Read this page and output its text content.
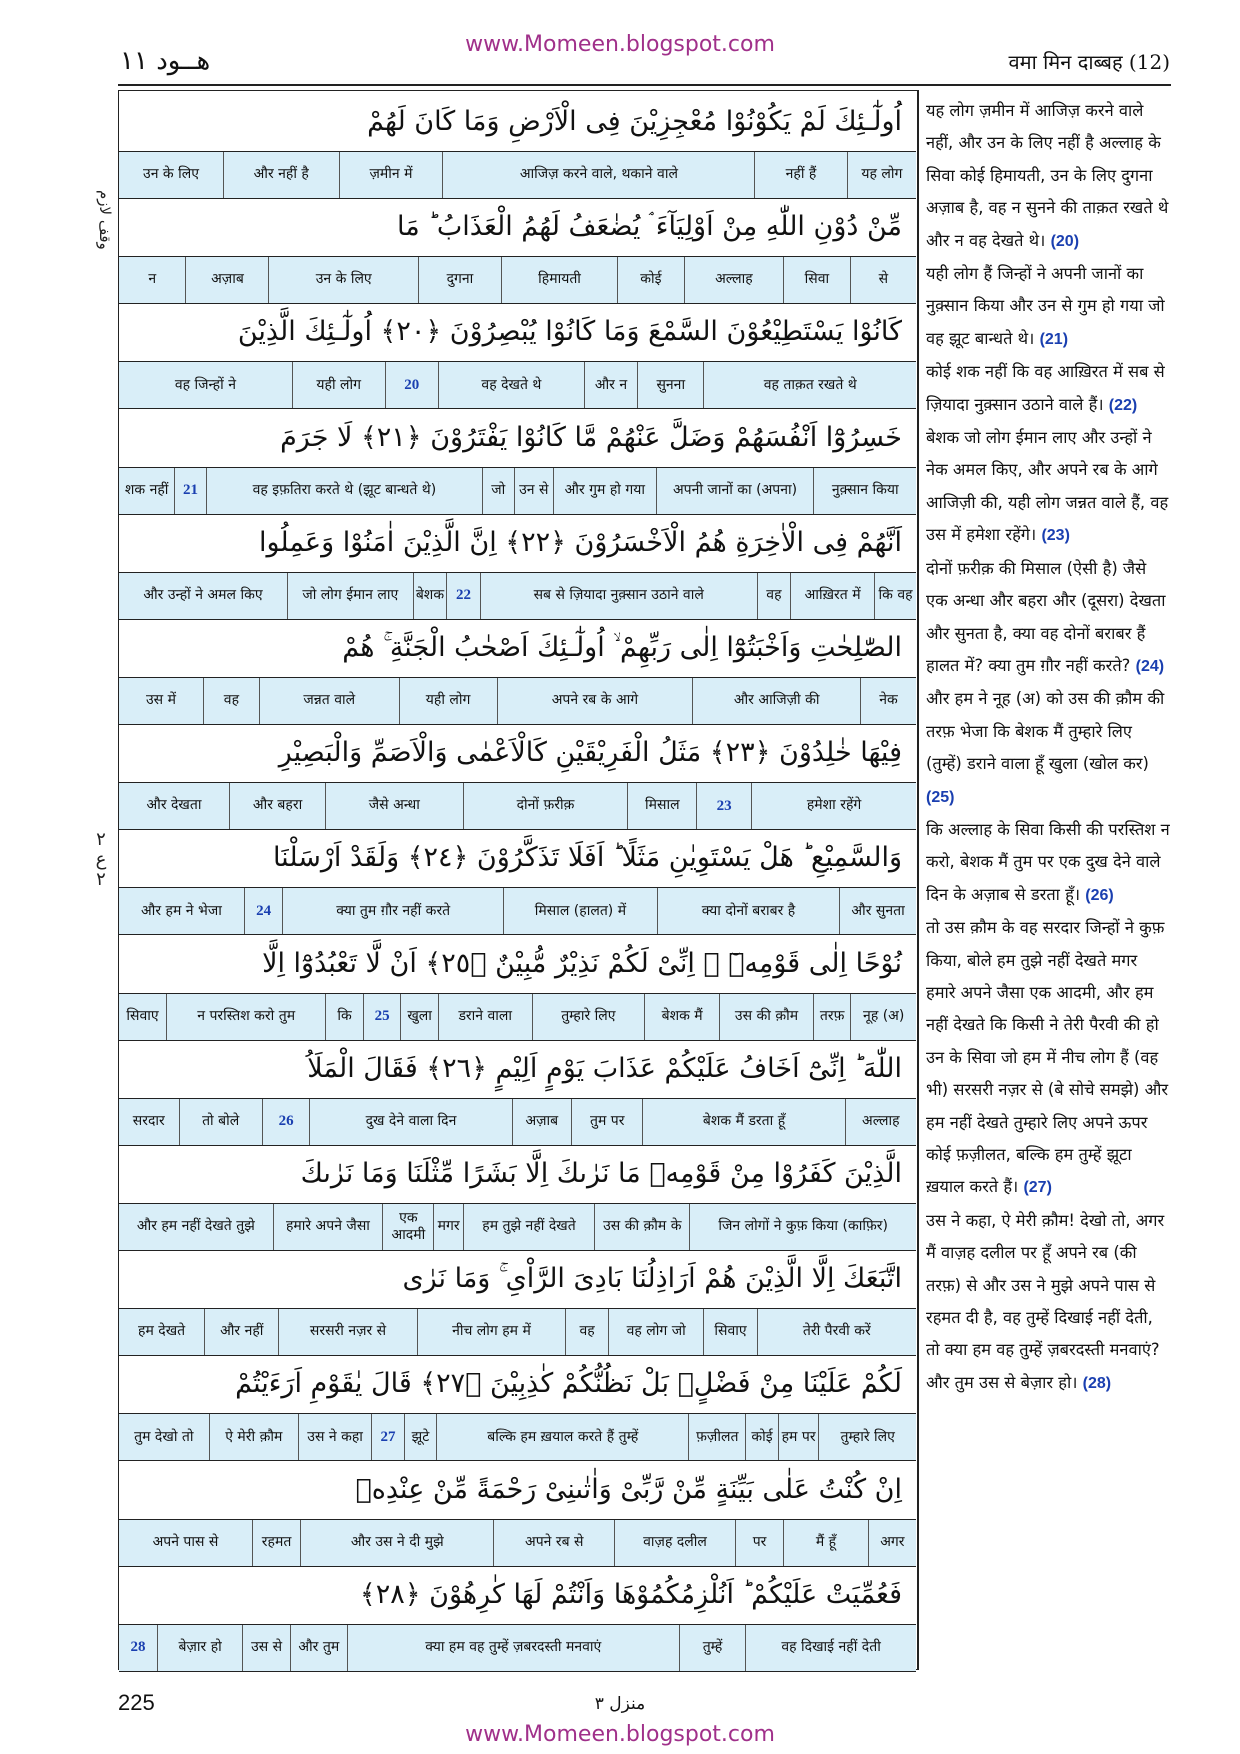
www.Momeen.blogspot.com
هــود ١١	वमा मिन दाब्बह (12)
وقف لازم
٢ ع ٢
اُولٰٓـئِكَ لَمْ يَكُوْنُوْا مُعْجِزِيْنَ فِى الْاَرْضِ وَمَا كَانَ لَهُمْ
यह लोग
नहीं हैं
आजिज़ करने वाले, थकाने वाले
ज़मीन में
और नहीं है
उन के लिए
مِّنْ دُوْنِ اللّٰهِ مِنْ اَوْلِيَآءَ ۘ يُضٰعَفُ لَهُمُ الْعَذَابُ ؕ مَا
से
सिवा
अल्लाह
कोई
हिमायती
दुगना
उन के लिए
अज़ाब
न
كَانُوْا يَسْتَطِيْعُوْنَ السَّمْعَ وَمَا كَانُوْا يُبْصِرُوْنَ ﴿٢٠﴾ اُولٰٓـئِكَ الَّذِيْنَ
वह ताक़त रखते थे
सुनना
और न
वह देखते थे
20
यही लोग
वह जिन्हों ने
خَسِرُوْٓا اَنْفُسَهُمْ وَضَلَّ عَنْهُمْ مَّا كَانُوْا يَفْتَرُوْنَ ﴿٢١﴾ لَا جَرَمَ
नुक़्सान किया
अपनी जानों का (अपना)
और गुम हो गया
उन से
जो
वह इफ़तिरा करते थे (झूट बान्धते थे)
21
शक नहीं
اَنَّهُمْ فِى الْاٰخِرَةِ هُمُ الْاَخْسَرُوْنَ ﴿٢٢﴾ اِنَّ الَّذِيْنَ اٰمَنُوْا وَعَمِلُوا
कि वह
आख़िरत में
वह
सब से ज़ियादा नुक़्सान उठाने वाले
22
बेशक
जो लोग ईमान लाए
और उन्हों ने अमल किए
الصّٰلِحٰتِ وَاَخْبَتُوْٓا اِلٰى رَبِّهِمْ ۙ اُولٰٓـئِكَ اَصْحٰبُ الْجَنَّةِ ۚ هُمْ
नेक
और आजिज़ी की
अपने रब के आगे
यही लोग
जन्नत वाले
वह
उस में
فِيْهَا خٰلِدُوْنَ ﴿٢٣﴾ مَثَلُ الْفَرِيْقَيْنِ كَالْاَعْمٰى وَالْاَصَمِّ وَالْبَصِيْرِ
हमेशा रहेंगे
23
मिसाल
दोनों फ़रीक़
जैसे अन्धा
और बहरा
और देखता
وَالسَّمِيْعِ ؕ هَلْ يَسْتَوِيٰنِ مَثَلًا ؕ اَفَلَا تَذَكَّرُوْنَ ﴿٢٤﴾ وَلَقَدْ اَرْسَلْنَا
और सुनता
क्या दोनों बराबर है
मिसाल (हालत) में
क्या तुम ग़ौर नहीं करते
24
और हम ने भेजा
نُوْحًا اِلٰى قَوْمِهٖٓ ۫ اِنِّىْ لَكُمْ نَذِيْرٌ مُّبِيْنٌ ﴿٢٥﴾ اَنْ لَّا تَعْبُدُوْٓا اِلَّا
नूह (अ)
तरफ़
उस की क़ौम
बेशक मैं
तुम्हारे लिए
डराने वाला
खुला
25
कि
न परस्तिश करो तुम
सिवाए
اللّٰهَ ؕ اِنِّىْٓ اَخَافُ عَلَيْكُمْ عَذَابَ يَوْمٍ اَلِيْمٍ ﴿٢٦﴾ فَقَالَ الْمَلَاُ
अल्लाह
बेशक मैं डरता हूँ
तुम पर
अज़ाब
दुख देने वाला दिन
26
तो बोले
सरदार
الَّذِيْنَ كَفَرُوْا مِنْ قَوْمِهٖ مَا نَرٰٮكَ اِلَّا بَشَرًا مِّثْلَنَا وَمَا نَرٰٮكَ
जिन लोगों ने कुफ़ किया (काफ़िर)
उस की क़ौम के
हम तुझे नहीं देखते
मगर
एक आदमी
हमारे अपने जैसा
और हम नहीं देखते तुझे
اتَّبَعَكَ اِلَّا الَّذِيْنَ هُمْ اَرَاذِلُنَا بَادِىَ الرَّاْىِ ۚ وَمَا نَرٰى
तेरी पैरवी करें
सिवाए
वह लोग जो
वह
नीच लोग हम में
सरसरी नज़र से
और नहीं
हम देखते
لَكُمْ عَلَيْنَا مِنْ فَضْلٍۭ بَلْ نَظُنُّكُمْ كٰذِبِيْنَ ﴿٢٧﴾ قَالَ يٰقَوْمِ اَرَءَيْتُمْ
तुम्हारे लिए
हम पर
कोई
फ़ज़ीलत
बल्कि हम ख़याल करते हैं तुम्हें
झूटे
27
उस ने कहा
ऐ मेरी क़ौम
तुम देखो तो
اِنْ كُنْتُ عَلٰى بَيِّنَةٍ مِّنْ رَّبِّىْ وَاٰتٰٮنِىْ رَحْمَةً مِّنْ عِنْدِهٖ
अगर
मैं हूँ
पर
वाज़ह दलील
अपने रब से
और उस ने दी मुझे
रहमत
अपने पास से
فَعُمِّيَتْ عَلَيْكُمْ ؕ اَنُلْزِمُكُمُوْهَا وَاَنْتُمْ لَهَا كٰرِهُوْنَ ﴿٢٨﴾
वह दिखाई नहीं देती
तुम्हें
क्या हम वह तुम्हें ज़बरदस्ती मनवाएं
और तुम
उस से
बेज़ार हो
28

यह लोग ज़मीन में आजिज़ करने वाले नहीं, और उन के लिए नहीं है अल्लाह के सिवा कोई हिमायती, उन के लिए दुगना अज़ाब है, वह न सुनने की ताक़त रखते थे और न वह देखते थे। (20)

यही लोग हैं जिन्हों ने अपनी जानों का नुक़्सान किया और उन से गुम हो गया जो वह झूट बान्धते थे। (21)

कोई शक नहीं कि वह आख़िरत में सब से ज़ियादा नुक़्सान उठाने वाले हैं। (22)

बेशक जो लोग ईमान लाए और उन्हों ने नेक अमल किए, और अपने रब के आगे आजिज़ी की, यही लोग जन्नत वाले हैं, वह उस में हमेशा रहेंगे। (23)

दोनों फ़रीक़ की मिसाल (ऐसी है) जैसे एक अन्धा और बहरा और (दूसरा) देखता और सुनता है, क्या वह दोनों बराबर हैं हालत में? क्या तुम ग़ौर नहीं करते? (24)

और हम ने नूह (अ) को उस की क़ौम की तरफ़ भेजा कि बेशक मैं तुम्हारे लिए (तुम्हें) डराने वाला हूँ खुला (खोल कर) (25)

कि अल्लाह के सिवा किसी की परस्तिश न करो, बेशक मैं तुम पर एक दुख देने वाले दिन के अज़ाब से डरता हूँ। (26)

तो उस क़ौम के वह सरदार जिन्हों ने कुफ़ किया, बोले हम तुझे नहीं देखते मगर हमारे अपने जैसा एक आदमी, और हम नहीं देखते कि किसी ने तेरी पैरवी की हो उन के सिवा जो हम में नीच लोग हैं (वह भी) सरसरी नज़र से (बे सोचे समझे) और हम नहीं देखते तुम्हारे लिए अपने ऊपर कोई फ़ज़ीलत, बल्कि हम तुम्हें झूटा ख़याल करते हैं। (27)

उस ने कहा, ऐ मेरी क़ौम! देखो तो, अगर मैं वाज़ह दलील पर हूँ अपने रब (की तरफ़) से और उस ने मुझे अपने पास से रहमत दी है, वह तुम्हें दिखाई नहीं देती, तो क्या हम वह तुम्हें ज़बरदस्ती मनवाएं? और तुम उस से बेज़ार हो। (28)

225	منزل ٣
www.Momeen.blogspot.com
